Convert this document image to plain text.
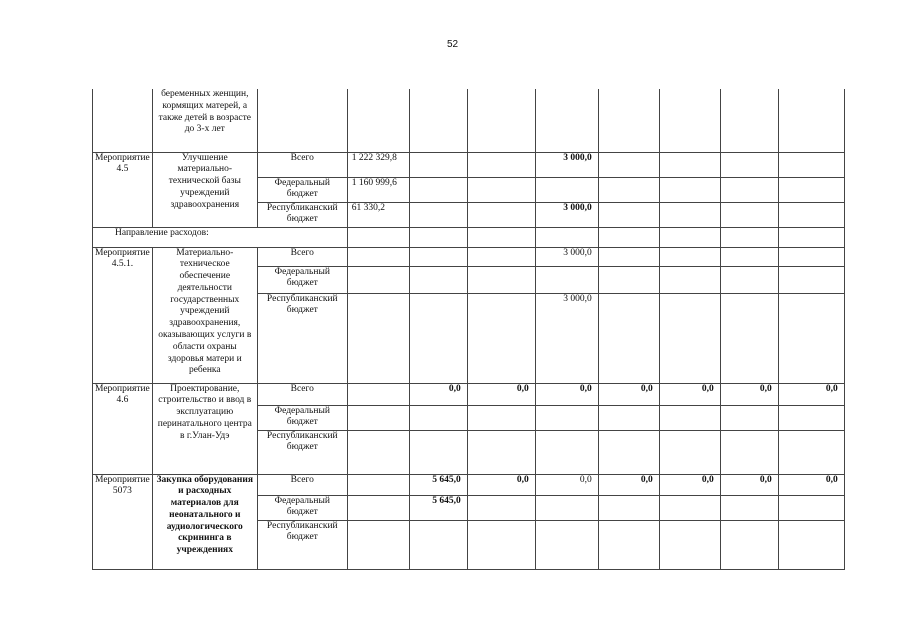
52
	беременных женщин, кормящих матерей, а также детей в возрасте до 3-х лет									
Мероприятие 4.5	Улучшение материально-технической базы учреждений здравоохранения	Всего	1 222 329,8			3 000,0				
		Федеральный бюджет	1 160 999,6							
		Республиканский бюджет	61 330,2			3 000,0				
Направление расходов:										
Мероприятие 4.5.1.	Материально-техническое обеспечение деятельности государственных учреждений здравоохранения, оказывающих услуги в области охраны здоровья матери и ребенка	Всего				3 000,0				
		Федеральный бюджет								
		Республиканский бюджет				3 000,0				
Мероприятие 4.6	Проектирование, строительство и ввод в эксплуатацию перинатального центра в г.Улан-Удэ	Всего		0,0	0,0	0,0	0,0	0,0	0,0	0,0
		Федеральный бюджет								
		Республиканский бюджет								
Мероприятие 5073	Закупка оборудования и расходных материалов для неонатального и аудиологического скрининга в учреждениях	Всего		5 645,0	0,0	0,0	0,0	0,0	0,0	0,0
		Федеральный бюджет		5 645,0						
		Республиканский бюджет								
